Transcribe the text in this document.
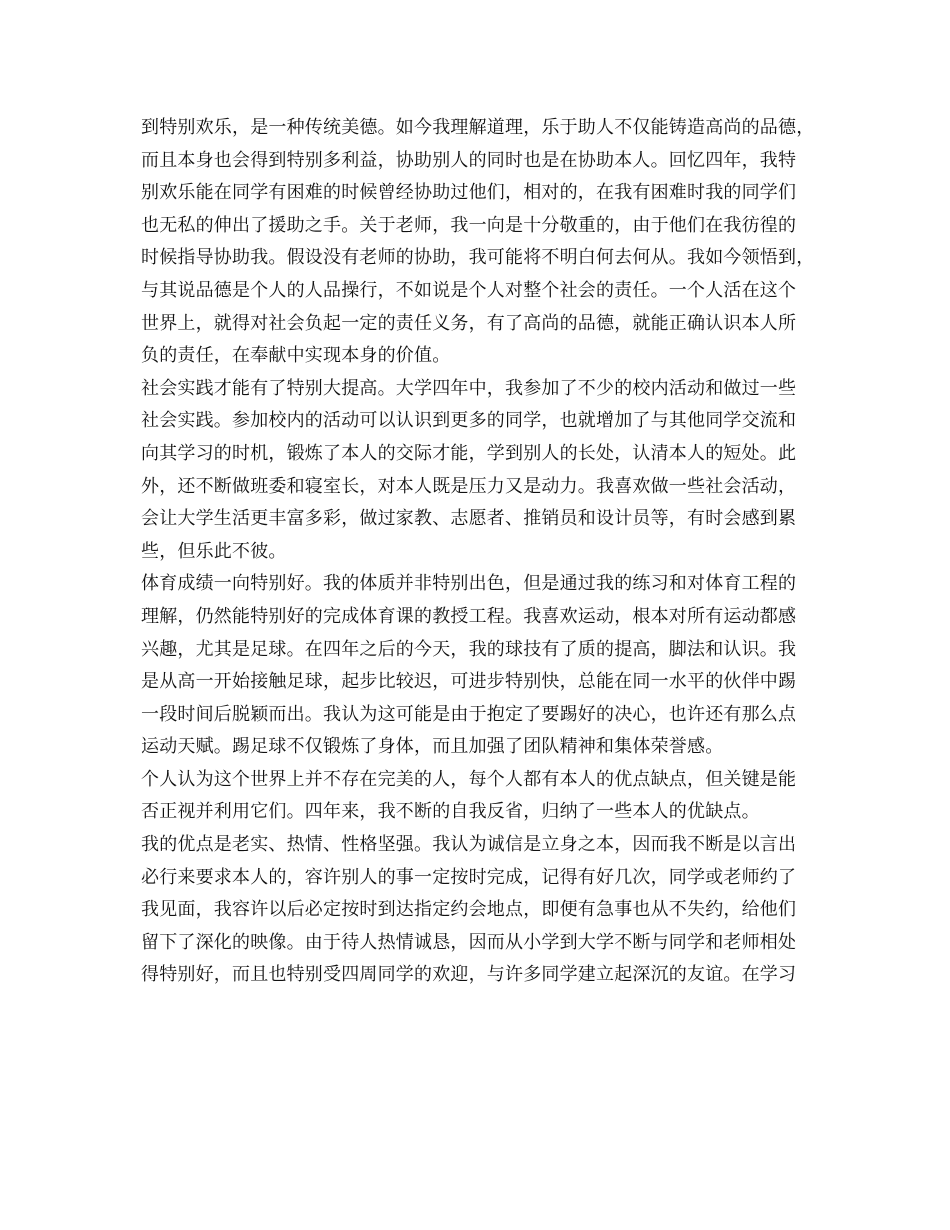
到特别欢乐，是一种传统美德。如今我理解道理，乐于助人不仅能铸造高尚的品德，
而且本身也会得到特别多利益，协助别人的同时也是在协助本人。回忆四年，我特
别欢乐能在同学有困难的时候曾经协助过他们，相对的，在我有困难时我的同学们
也无私的伸出了援助之手。关于老师，我一向是十分敬重的，由于他们在我彷徨的
时候指导协助我。假设没有老师的协助，我可能将不明白何去何从。我如今领悟到，
与其说品德是个人的人品操行，不如说是个人对整个社会的责任。一个人活在这个
世界上，就得对社会负起一定的责任义务，有了高尚的品德，就能正确认识本人所
负的责任，在奉献中实现本身的价值。
社会实践才能有了特别大提高。大学四年中，我参加了不少的校内活动和做过一些
社会实践。参加校内的活动可以认识到更多的同学，也就增加了与其他同学交流和
向其学习的时机，锻炼了本人的交际才能，学到别人的长处，认清本人的短处。此
外，还不断做班委和寝室长，对本人既是压力又是动力。我喜欢做一些社会活动，
会让大学生活更丰富多彩，做过家教、志愿者、推销员和设计员等，有时会感到累
些，但乐此不彼。
体育成绩一向特别好。我的体质并非特别出色，但是通过我的练习和对体育工程的
理解，仍然能特别好的完成体育课的教授工程。我喜欢运动，根本对所有运动都感
兴趣，尤其是足球。在四年之后的今天，我的球技有了质的提高，脚法和认识。我
是从高一开始接触足球，起步比较迟，可进步特别快，总能在同一水平的伙伴中踢
一段时间后脱颖而出。我认为这可能是由于抱定了要踢好的决心，也许还有那么点
运动天赋。踢足球不仅锻炼了身体，而且加强了团队精神和集体荣誉感。
个人认为这个世界上并不存在完美的人，每个人都有本人的优点缺点，但关键是能
否正视并利用它们。四年来，我不断的自我反省，归纳了一些本人的优缺点。
我的优点是老实、热情、性格坚强。我认为诚信是立身之本，因而我不断是以言出
必行来要求本人的，容许别人的事一定按时完成，记得有好几次，同学或老师约了
我见面，我容许以后必定按时到达指定约会地点，即便有急事也从不失约，给他们
留下了深化的映像。由于待人热情诚恳，因而从小学到大学不断与同学和老师相处
得特别好，而且也特别受四周同学的欢迎，与许多同学建立起深沉的友谊。在学习
